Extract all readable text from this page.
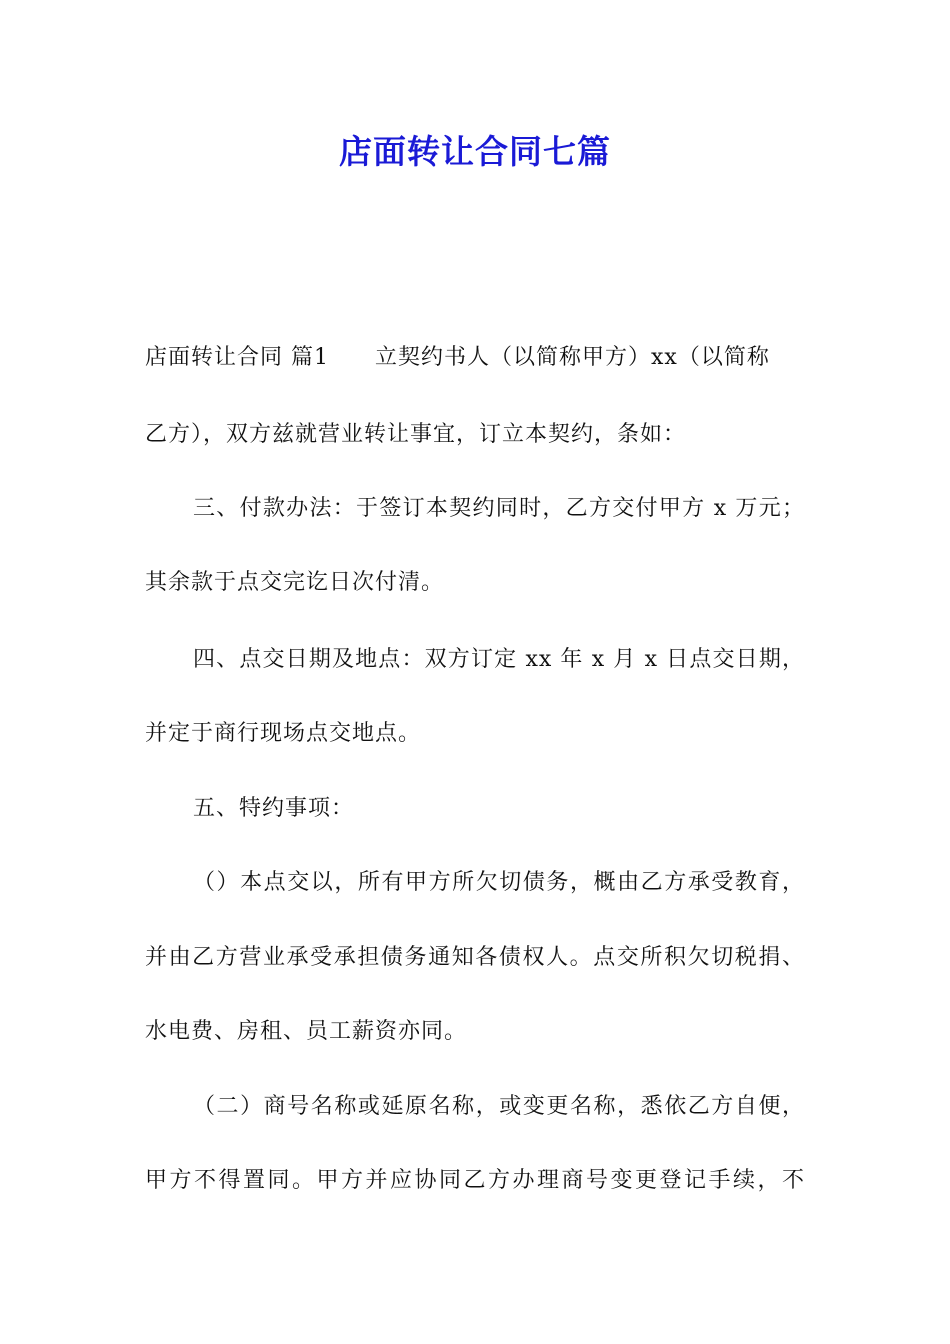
店面转让合同七篇
店面转让合同 篇1 立契约书人（以简称甲方）xx（以简称
乙方），双方兹就营业转让事宜，订立本契约，条如：
三、付款办法：于签订本契约同时，乙方交付甲方 x 万元；
其余款于点交完讫日次付清。
四、点交日期及地点：双方订定 xx 年 x 月 x 日点交日期，
并定于商行现场点交地点。
五、特约事项：
（）本点交以，所有甲方所欠切债务，概由乙方承受教育，
并由乙方营业承受承担债务通知各债权人。点交所积欠切税捐、
水电费、房租、员工薪资亦同。
（二）商号名称或延原名称，或变更名称，悉依乙方自便，
甲方不得置同。甲方并应协同乙方办理商号变更登记手续，不
